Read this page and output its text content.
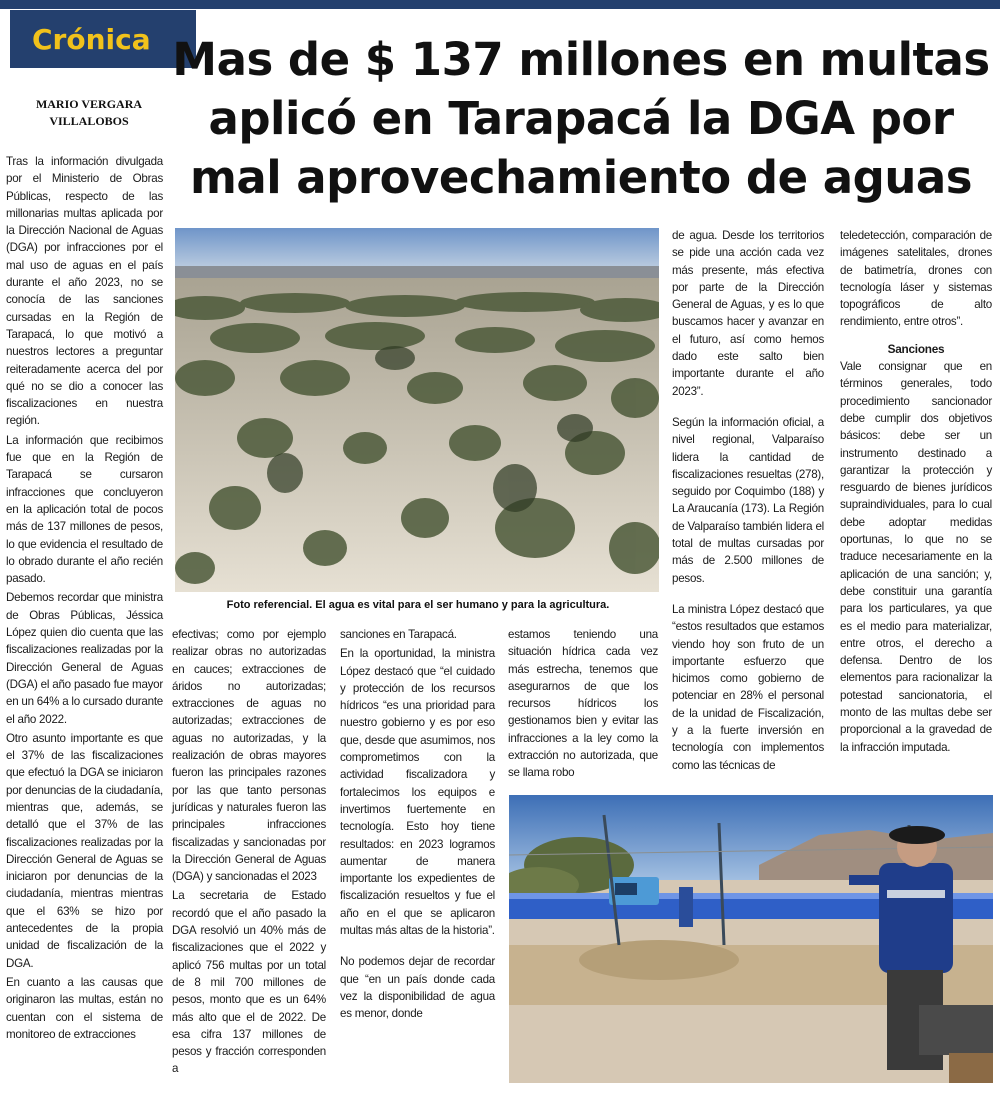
Crónica Mas de $ 137 millones en multas aplicó en Tarapacá la DGA por mal aprovechamiento de aguas
MARIO VERGARA
VILLALOBOS

Tras la información divulgada por el Ministerio de Obras Públicas, respecto de las millonarias multas aplicada por la Dirección Nacional de Aguas (DGA) por infracciones por el mal uso de aguas en el país durante el año 2023, no se conocía de las sanciones cursadas en la Región de Tarapacá, lo que motivó a nuestros lectores a preguntar reiteradamente acerca del por qué no se dio a conocer las fiscalizaciones en nuestra región.

La información que recibimos fue que en la Región de Tarapacá se cursaron infracciones que concluyeron en la aplicación total de pocos más de 137 millones de pesos, lo que evidencia el resultado de lo obrado durante el año recién pasado.

Debemos recordar que ministra de Obras Públicas, Jéssica López quien dio cuenta que las fiscalizaciones realizadas por la Dirección General de Aguas (DGA) el año pasado fue mayor en un 64% a lo cursado durante el año 2022.

Otro asunto importante es que el 37% de las fiscalizaciones que efectuó la DGA se iniciaron por denuncias de la ciudadanía, mientras que, además, se detalló que el 37% de las fiscalizaciones realizadas por la Dirección General de Aguas se iniciaron por denuncias de la ciudadanía, mientras mientras que el 63% se hizo por antecedentes de la propia unidad de fiscalización de la DGA.

En cuanto a las causas que originaron las multas, están no cuentan con el sistema de monitoreo de extracciones

Foto referencial. El agua es vital para el ser humano y para la agricultura.

efectivas; como por ejemplo realizar obras no autorizadas en cauces; extracciones de áridos no autorizadas; extracciones de aguas no autorizadas; extracciones de aguas no autorizadas, y la realización de obras mayores fueron las principales razones por las que tanto personas jurídicas y naturales fueron las principales infracciones fiscalizadas y sancionadas por la Dirección General de Aguas (DGA) y sancionadas el 2023

La secretaria de Estado recordó que el año pasado la DGA resolvió un 40% más de fiscalizaciones que el 2022 y aplicó 756 multas por un total de 8 mil 700 millones de pesos, monto que es un 64% más alto que el de 2022. De esa cifra 137 millones de pesos y fracción corresponden a

sanciones en Tarapacá.

En la oportunidad, la ministra López destacó que “el cuidado y protección de los recursos hídricos “es una prioridad para nuestro gobierno y es por eso que, desde que asumimos, nos comprometimos con la actividad fiscalizadora y fortalecimos los equipos e invertimos fuertemente en tecnología. Esto hoy tiene resultados: en 2023 logramos aumentar de manera importante los expedientes de fiscalización resueltos y fue el año en el que se aplicaron multas más altas de la historia”.

No podemos dejar de recordar que “en un país donde cada vez la disponibilidad de agua es menor, donde

estamos teniendo una situación hídrica cada vez más estrecha, tenemos que asegurarnos de que los recursos hídricos los gestionamos bien y evitar las infracciones a la ley como la extracción no autorizada, que se llama robo

de agua. Desde los territorios se pide una acción cada vez más presente, más efectiva por parte de la Dirección General de Aguas, y es lo que buscamos hacer y avanzar en el futuro, así como hemos dado este salto bien importante durante el año 2023”.

Según la información oficial, a nivel regional, Valparaíso lidera la cantidad de fiscalizaciones resueltas (278), seguido por Coquimbo (188) y La Araucanía (173). La Región de Valparaíso también lidera el total de multas cursadas por más de 2.500 millones de pesos.

La ministra López destacó que “estos resultados que estamos viendo hoy son fruto de un importante esfuerzo que hicimos como gobierno de potenciar en 28% el personal de la unidad de Fiscalización, y a la fuerte inversión en tecnología con implementos como las técnicas de

teledetección, comparación de imágenes satelitales, drones de batimetría, drones con tecnología láser y sistemas topográficos de alto rendimiento, entre otros”.

Sanciones

Vale consignar que en términos generales, todo procedimiento sancionador debe cumplir dos objetivos básicos: debe ser un instrumento destinado a garantizar la protección y resguardo de bienes jurídicos supraindividuales, para lo cual debe adoptar medidas oportunas, lo que no se traduce necesariamente en la aplicación de una sanción; y, debe constituir una garantía para los particulares, ya que es el medio para materializar, entre otros, el derecho a defensa. Dentro de los elementos para racionalizar la potestad sancionatoria, el monto de las multas debe ser proporcional a la gravedad de la infracción imputada.
